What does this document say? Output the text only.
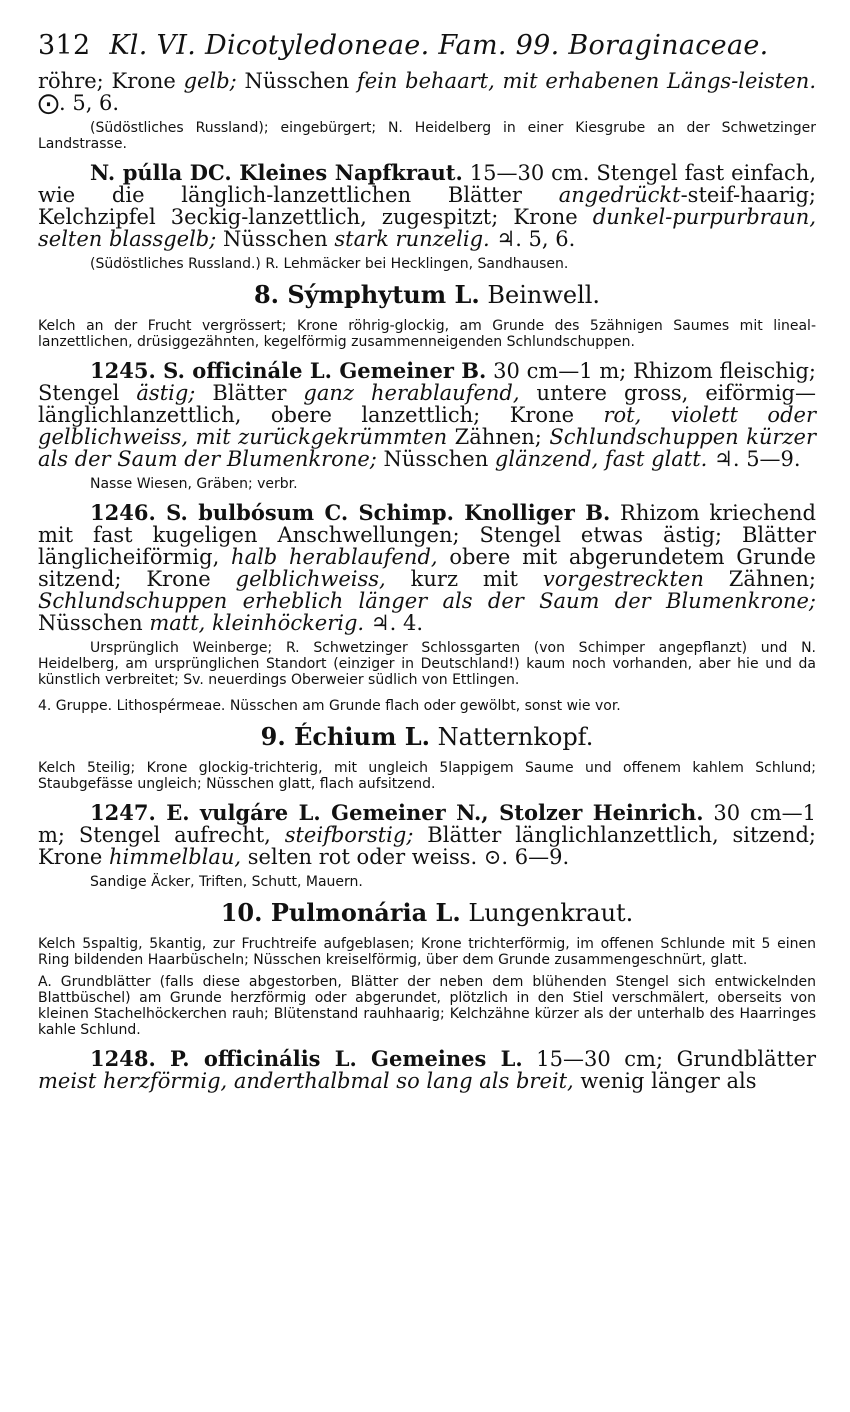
312 Kl. VI. Dicotyledoneae. Fam. 99. Boraginaceae.

röhre; Krone gelb; Nüsschen fein behaart, mit erhabenen Längs-leisten. ⨀. 5, 6.

(Südöstliches Russland); eingebürgert; N. Heidelberg in einer Kiesgrube an der Schwetzinger Landstrasse.

N. púlla DC. Kleines Napfkraut. 15—30 cm. Stengel fast einfach, wie die länglich-lanzettlichen Blätter angedrückt-steif-haarig; Kelchzipfel 3eckig-lanzettlich, zugespitzt; Krone dunkel-purpurbraun, selten blassgelb; Nüsschen stark runzelig. ♃. 5, 6.

(Südöstliches Russland.) R. Lehmäcker bei Hecklingen, Sandhausen.

8. Sýmphytum L. Beinwell.

Kelch an der Frucht vergrössert; Krone röhrig-glockig, am Grunde des 5zähnigen Saumes mit lineal-lanzettlichen, drüsiggezähnten, kegelförmig zusammenneigenden Schlundschuppen.

1245. S. officinále L. Gemeiner B. 30 cm—1 m; Rhizom fleischig; Stengel ästig; Blätter ganz herablaufend, untere gross, eiförmig—länglichlanzettlich, obere lanzettlich; Krone rot, violett oder gelblichweiss, mit zurückgekrümmten Zähnen; Schlundschuppen kürzer als der Saum der Blumenkrone; Nüsschen glänzend, fast glatt. ♃. 5—9.

Nasse Wiesen, Gräben; verbr.

1246. S. bulbósum C. Schimp. Knolliger B. Rhizom kriechend mit fast kugeligen Anschwellungen; Stengel etwas ästig; Blätter länglicheiförmig, halb herablaufend, obere mit abgerundetem Grunde sitzend; Krone gelblichweiss, kurz mit vorgestreckten Zähnen; Schlundschuppen erheblich länger als der Saum der Blumenkrone; Nüsschen matt, kleinhöckerig. ♃. 4.

Ursprünglich Weinberge; R. Schwetzinger Schlossgarten (von Schimper angepflanzt) und N. Heidelberg, am ursprünglichen Standort (einziger in Deutschland!) kaum noch vorhanden, aber hie und da künstlich verbreitet; Sv. neuerdings Oberweier südlich von Ettlingen.

4. Gruppe. Lithospérmeae. Nüsschen am Grunde flach oder gewölbt, sonst wie vor.

9. Échium L. Natternkopf.

Kelch 5teilig; Krone glockig-trichterig, mit ungleich 5lappigem Saume und offenem kahlem Schlund; Staubgefässe ungleich; Nüsschen glatt, flach aufsitzend.

1247. E. vulgáre L. Gemeiner N., Stolzer Heinrich. 30 cm—1 m; Stengel aufrecht, steifborstig; Blätter länglichlanzettlich, sitzend; Krone himmelblau, selten rot oder weiss. ⊙. 6—9.

Sandige Äcker, Triften, Schutt, Mauern.

10. Pulmonária L. Lungenkraut.

Kelch 5spaltig, 5kantig, zur Fruchtreife aufgeblasen; Krone trichterförmig, im offenen Schlunde mit 5 einen Ring bildenden Haarbüscheln; Nüsschen kreiselförmig, über dem Grunde zusammengeschnürt, glatt.

A. Grundblätter (falls diese abgestorben, Blätter der neben dem blühenden Stengel sich entwickelnden Blattbüschel) am Grunde herzförmig oder abgerundet, plötzlich in den Stiel verschmälert, oberseits von kleinen Stachelhöckerchen rauh; Blütenstand rauhhaarig; Kelchzähne kürzer als der unterhalb des Haarringes kahle Schlund.

1248. P. officinális L. Gemeines L. 15—30 cm; Grundblätter meist herzförmig, anderthalbmal so lang als breit, wenig länger als
